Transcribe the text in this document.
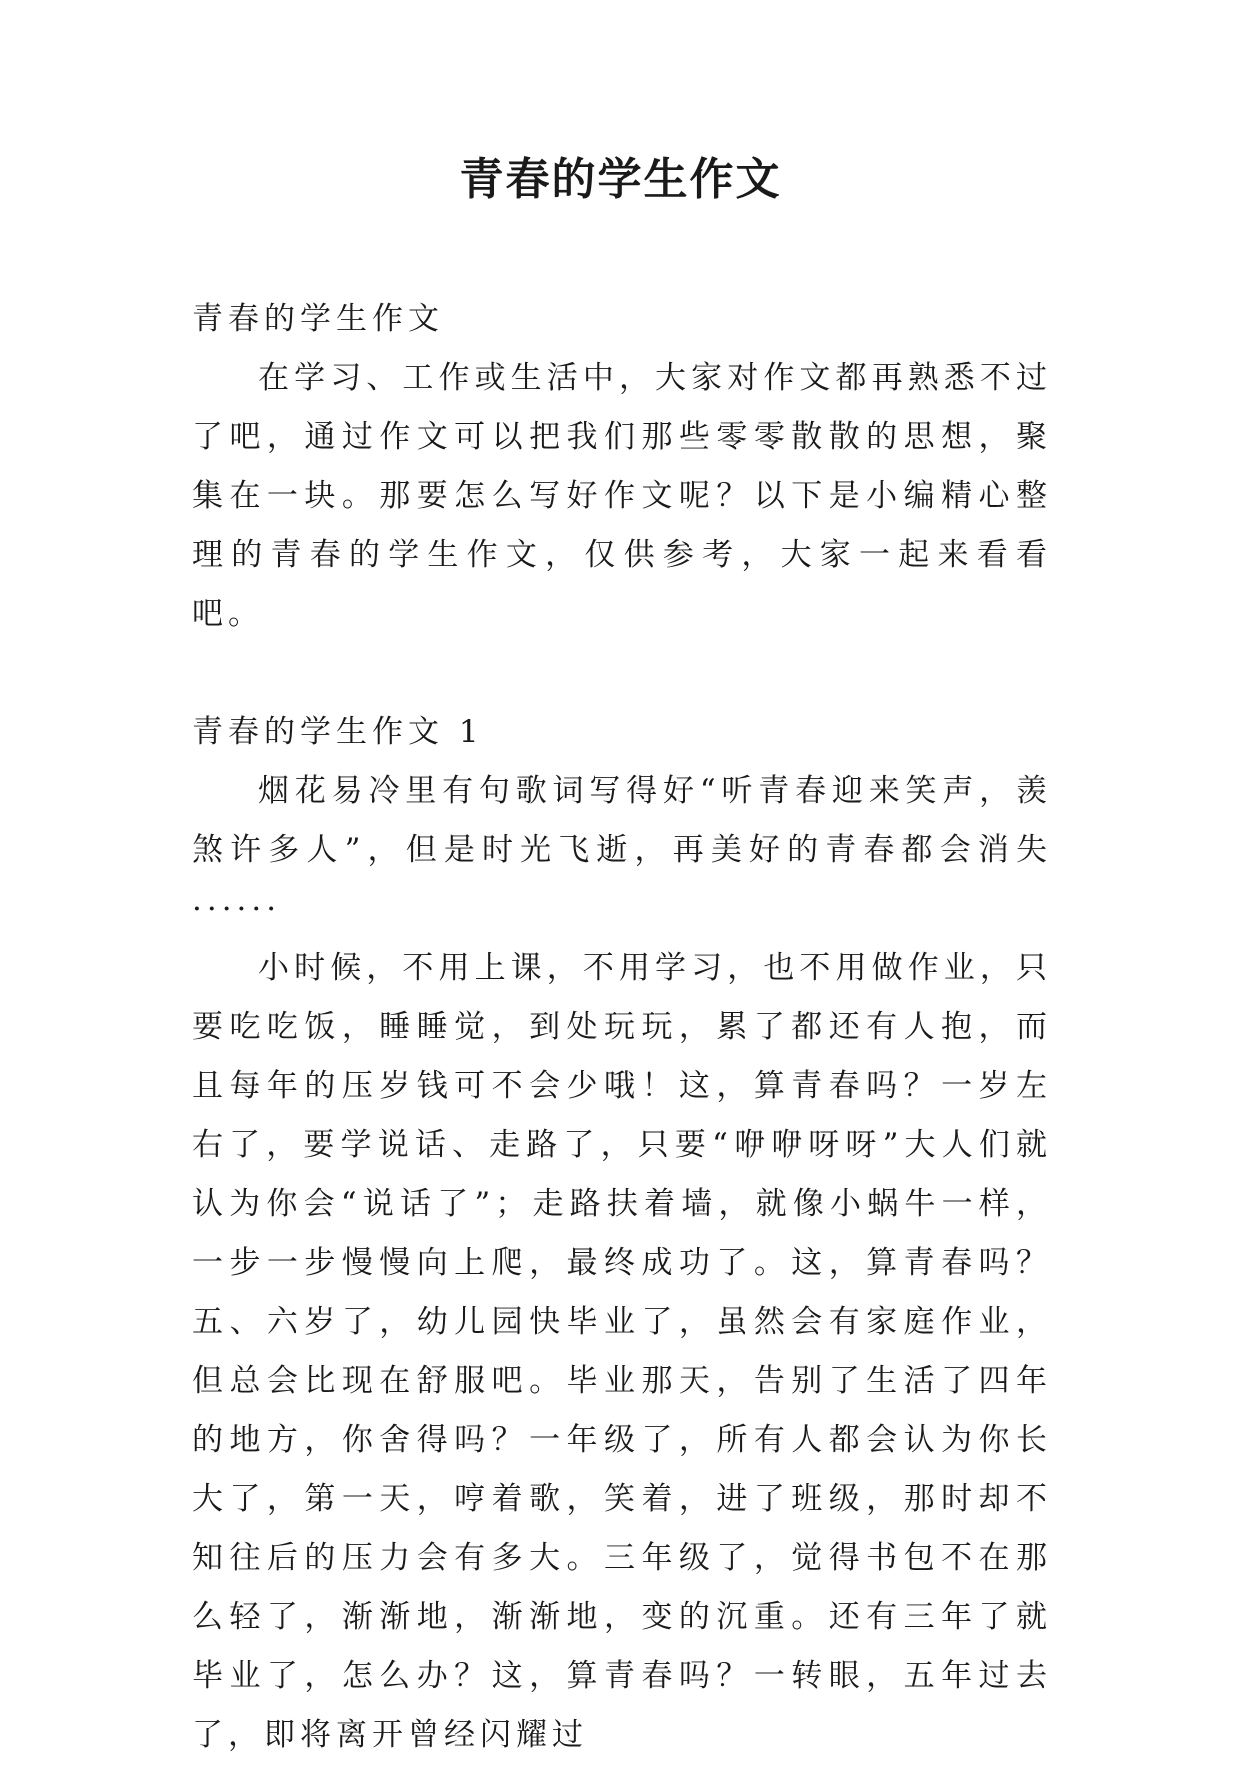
青春的学生作文

青春的学生作文

在学习、工作或生活中，大家对作文都再熟悉不过了吧，通过作文可以把我们那些零零散散的思想，聚集在一块。那要怎么写好作文呢？以下是小编精心整理的青春的学生作文，仅供参考，大家一起来看看吧。

青春的学生作文 1

烟花易冷里有句歌词写得好“听青春迎来笑声，羡煞许多人”，但是时光飞逝，再美好的青春都会消失······

小时候，不用上课，不用学习，也不用做作业，只要吃吃饭，睡睡觉，到处玩玩，累了都还有人抱，而且每年的压岁钱可不会少哦！这，算青春吗？一岁左右了，要学说话、走路了，只要“咿咿呀呀”大人们就认为你会“说话了”；走路扶着墙，就像小蜗牛一样，一步一步慢慢向上爬，最终成功了。这，算青春吗？五、六岁了，幼儿园快毕业了，虽然会有家庭作业，但总会比现在舒服吧。毕业那天，告别了生活了四年的地方，你舍得吗？一年级了，所有人都会认为你长大了，第一天，哼着歌，笑着，进了班级，那时却不知往后的压力会有多大。三年级了，觉得书包不在那么轻了，渐渐地，渐渐地，变的沉重。还有三年了就毕业了，怎么办？这，算青春吗？一转眼，五年过去了，即将离开曾经闪耀过
